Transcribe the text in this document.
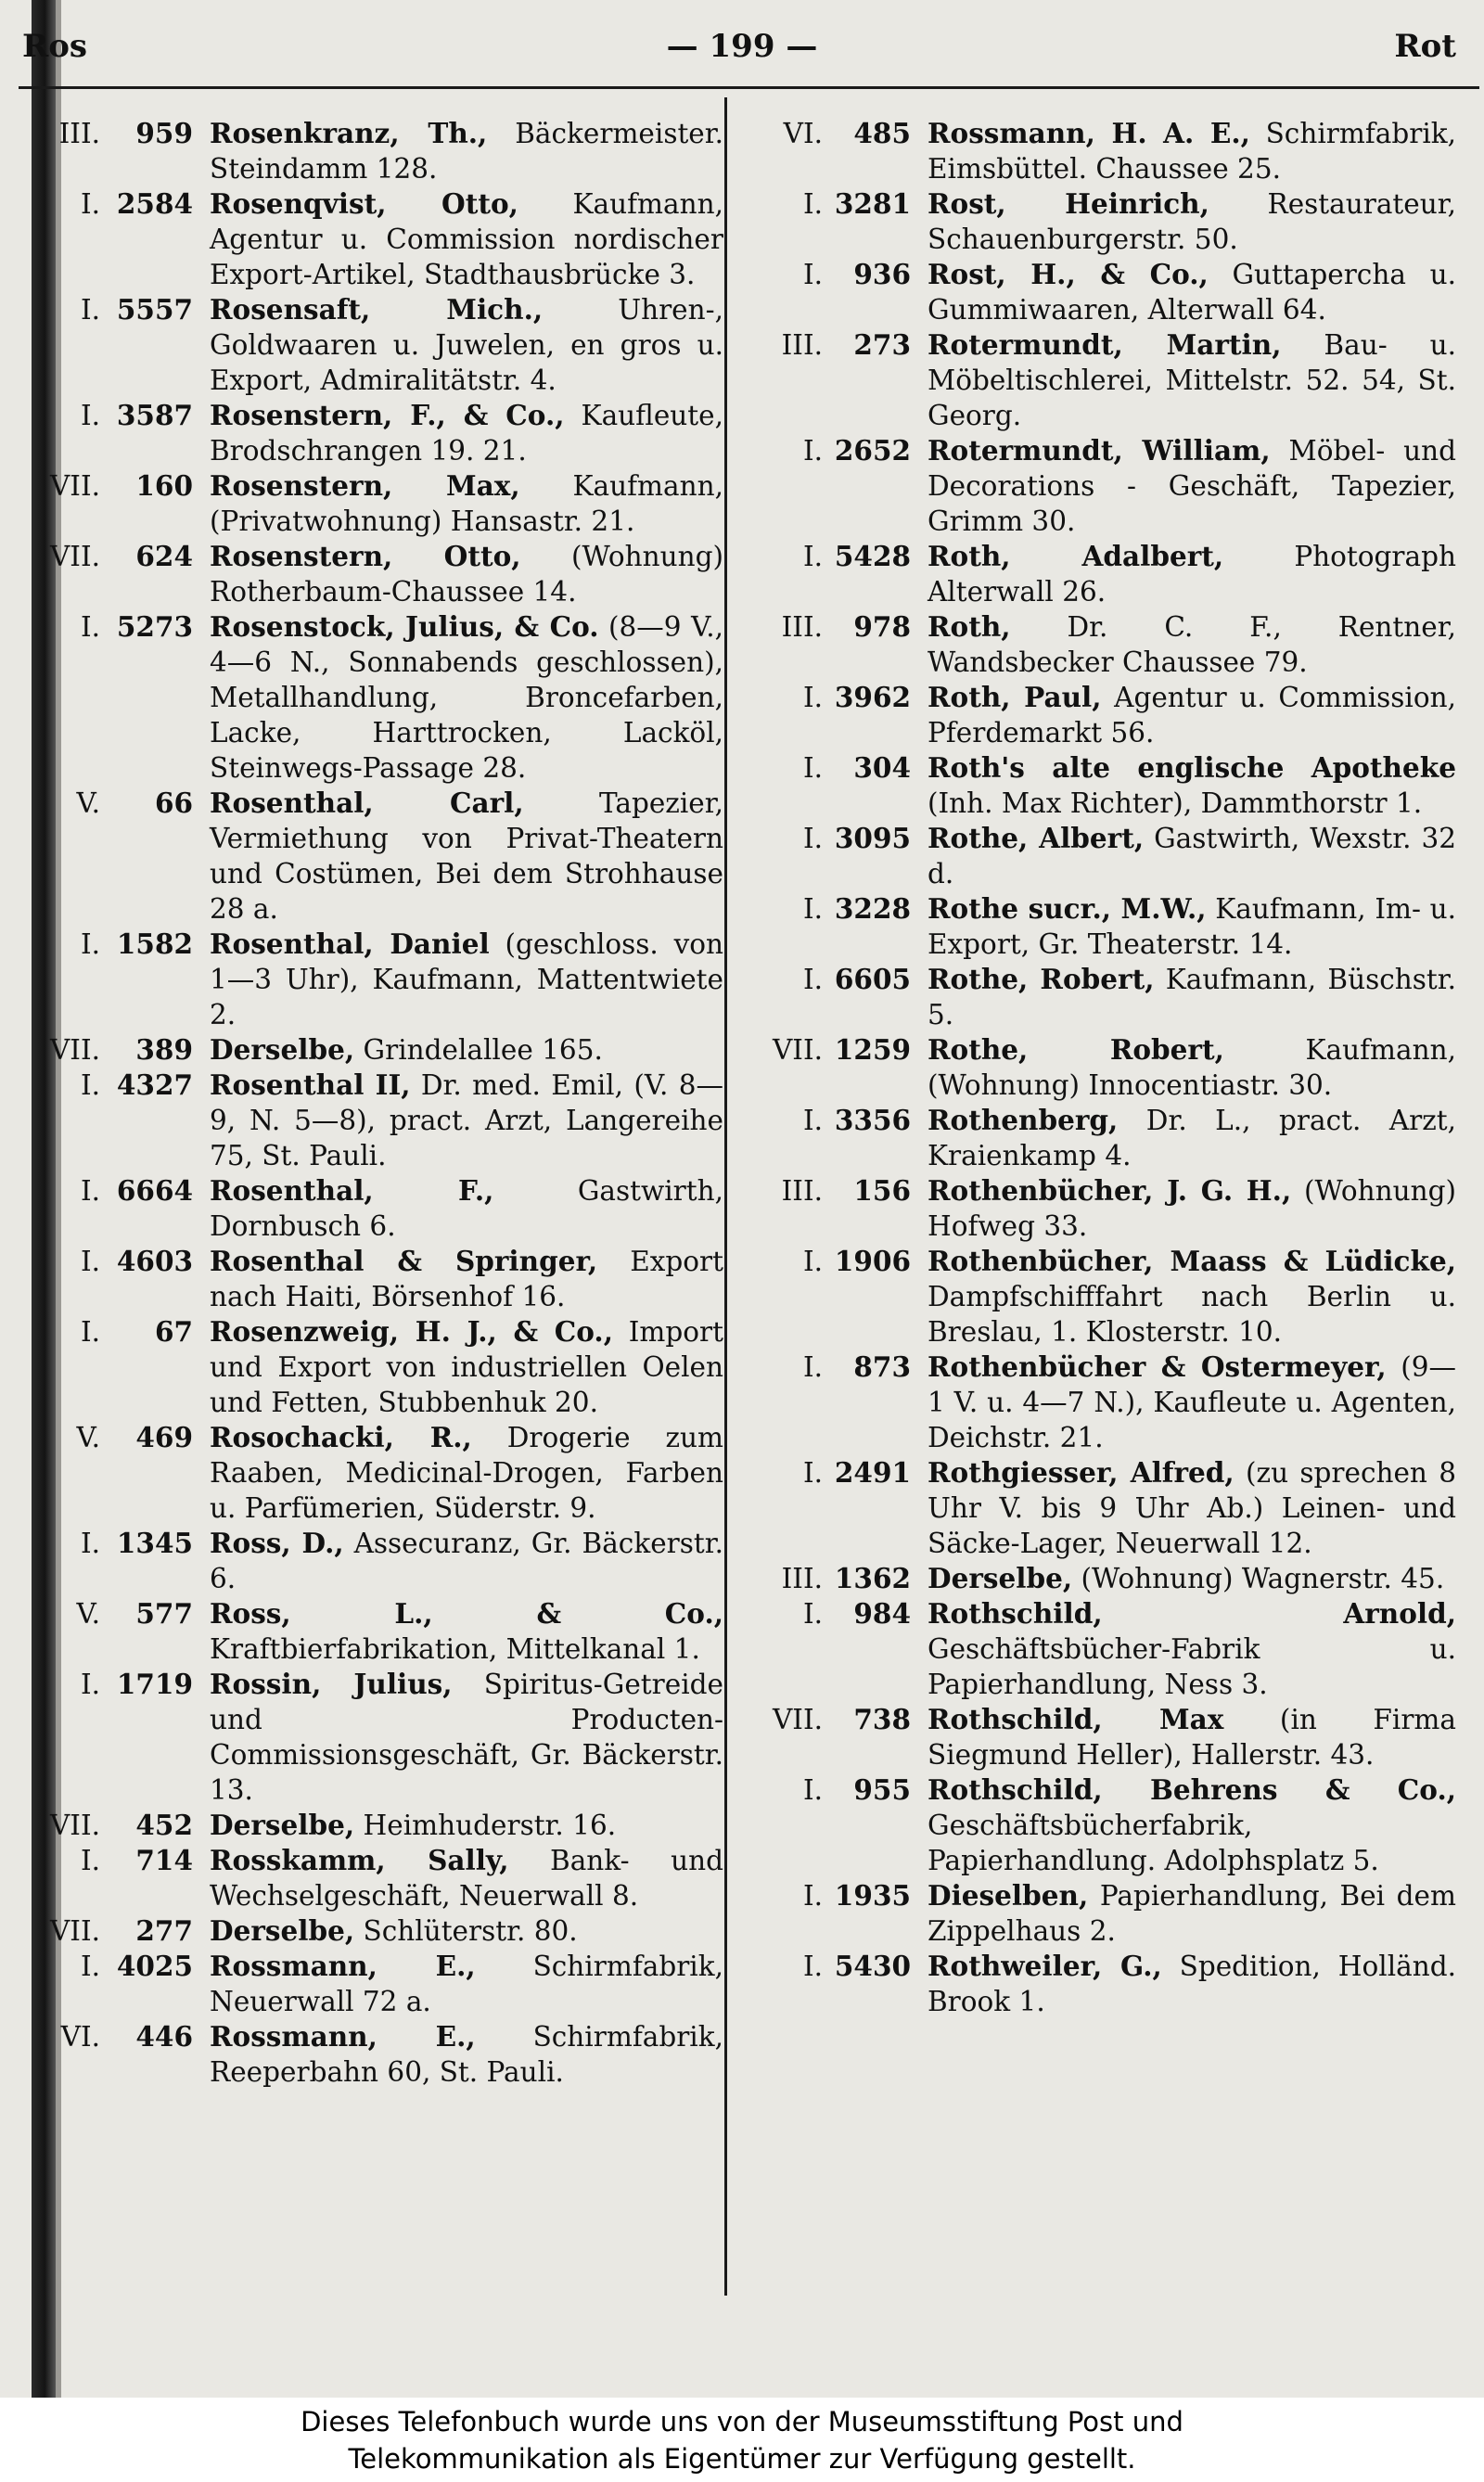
— 199 —
Ros	Rot
III.	959 Rosenkranz, Th., Bäckermeister. Steindamm 128.
I. 2584 Rosenqvist, Otto, Kaufmann, Agentur u. Commission nordischer Export-Artikel, Stadthausbrücke 3.
I. 5557 Rosensaft, Mich., Uhren-, Goldwaaren u. Juwelen, en gros u. Export, Admiralitätstr. 4.
I. 3587 Rosenstern, F., & Co., Kaufleute, Brodschrangen 19. 21.
VII.	160 Rosenstern, Max, Kaufmann, (Privatwohnung) Hansastr. 21.
VII.	624 Rosenstern, Otto, (Wohnung) Rotherbaum-Chaussee 14.
I. 5273 Rosenstock, Julius, & Co. (8—9 V., 4—6 N., Sonnabends geschlossen), Metallhandlung, Broncefarben, Lacke, Harttrocken, Lacköl, Steinwegs-Passage 28.
V.	66 Rosenthal, Carl, Tapezier, Vermiethung von Privat-Theatern und Costümen, Bei dem Strohhause 28 a.
I. 1582 Rosenthal, Daniel (geschloss. von 1—3 Uhr), Kaufmann, Mattentwiete 2.
VII.	389 Derselbe, Grindelallee 165.
I. 4327 Rosenthal II, Dr. med. Emil, (V. 8—9, N. 5—8), pract. Arzt, Langereihe 75, St. Pauli.
I. 6664 Rosenthal, F., Gastwirth, Dornbusch 6.
I. 4603 Rosenthal & Springer, Export nach Haiti, Börsenhof 16.
I.	67 Rosenzweig, H. J., & Co., Import und Export von industriellen Oelen und Fetten, Stubbenhuk 20.
V.	469 Rosochacki, R., Drogerie zum Raaben, Medicinal-Drogen, Farben u. Parfümerien, Süderstr. 9.
I. 1345 Ross, D., Assecuranz, Gr. Bäckerstr. 6.
V.	577 Ross, L., & Co., Kraftbierfabrikation, Mittelkanal 1.
I. 1719 Rossin, Julius, Spiritus-Getreide und Producten-Commissionsgeschäft, Gr. Bäckerstr. 13.
VII.	452 Derselbe, Heimhuderstr. 16.
I.	714 Rosskamm, Sally, Bank- und Wechselgeschäft, Neuerwall 8.
VII.	277 Derselbe, Schlüterstr. 80.
I. 4025 Rossmann, E., Schirmfabrik, Neuerwall 72 a.
VI.	446 Rossmann, E., Schirmfabrik, Reeperbahn 60, St. Pauli.
VI.	485 Rossmann, H. A. E., Schirmfabrik, Eimsbüttel. Chaussee 25.
I. 3281 Rost, Heinrich, Restaurateur, Schauenburgerstr. 50.
I.	936 Rost, H., & Co., Guttapercha u. Gummiwaaren, Alterwall 64.
III.	273 Rotermundt, Martin, Bau- u. Möbeltischlerei, Mittelstr. 52. 54, St. Georg.
I. 2652 Rotermundt, William, Möbel- und Decorations - Geschäft, Tapezier, Grimm 30.
I. 5428 Roth, Adalbert, Photograph Alterwall 26.
III.	978 Roth, Dr. C. F., Rentner, Wandsbecker Chaussee 79.
I. 3962 Roth, Paul, Agentur u. Commission, Pferdemarkt 56.
I.	304 Roth's alte englische Apotheke (Inh. Max Richter), Dammthorstr 1.
I. 3095 Rothe, Albert, Gastwirth, Wexstr. 32 d.
I. 3228 Rothe sucr., M.W., Kaufmann, Im- u. Export, Gr. Theaterstr. 14.
I. 6605 Rothe, Robert, Kaufmann, Büschstr. 5.
VII. 1259 Rothe, Robert, Kaufmann, (Wohnung) Innocentiastr. 30.
I. 3356 Rothenberg, Dr. L., pract. Arzt, Kraienkamp 4.
III.	156 Rothenbücher, J. G. H., (Wohnung) Hofweg 33.
I. 1906 Rothenbücher, Maass & Lüdicke, Dampfschifffahrt nach Berlin u. Breslau, 1. Klosterstr. 10.
I.	873 Rothenbücher & Ostermeyer, (9—1 V. u. 4—7 N.), Kaufleute u. Agenten, Deichstr. 21.
I. 2491 Rothgiesser, Alfred, (zu sprechen 8 Uhr V. bis 9 Uhr Ab.) Leinen- und Säcke-Lager, Neuerwall 12.
III. 1362 Derselbe, (Wohnung) Wagnerstr. 45.
I.	984 Rothschild, Arnold, Geschäftsbücher-Fabrik u. Papierhandlung, Ness 3.
VII.	738 Rothschild, Max (in Firma Siegmund Heller), Hallerstr. 43.
I.	955 Rothschild, Behrens & Co., Geschäftsbücherfabrik, Papierhandlung. Adolphsplatz 5.
I. 1935 Dieselben, Papierhandlung, Bei dem Zippelhaus 2.
I. 5430 Rothweiler, G., Spedition, Holländ. Brook 1.
Dieses Telefonbuch wurde uns von der Museumsstiftung Post und
Telekommunikation als Eigentümer zur Verfügung gestellt.
